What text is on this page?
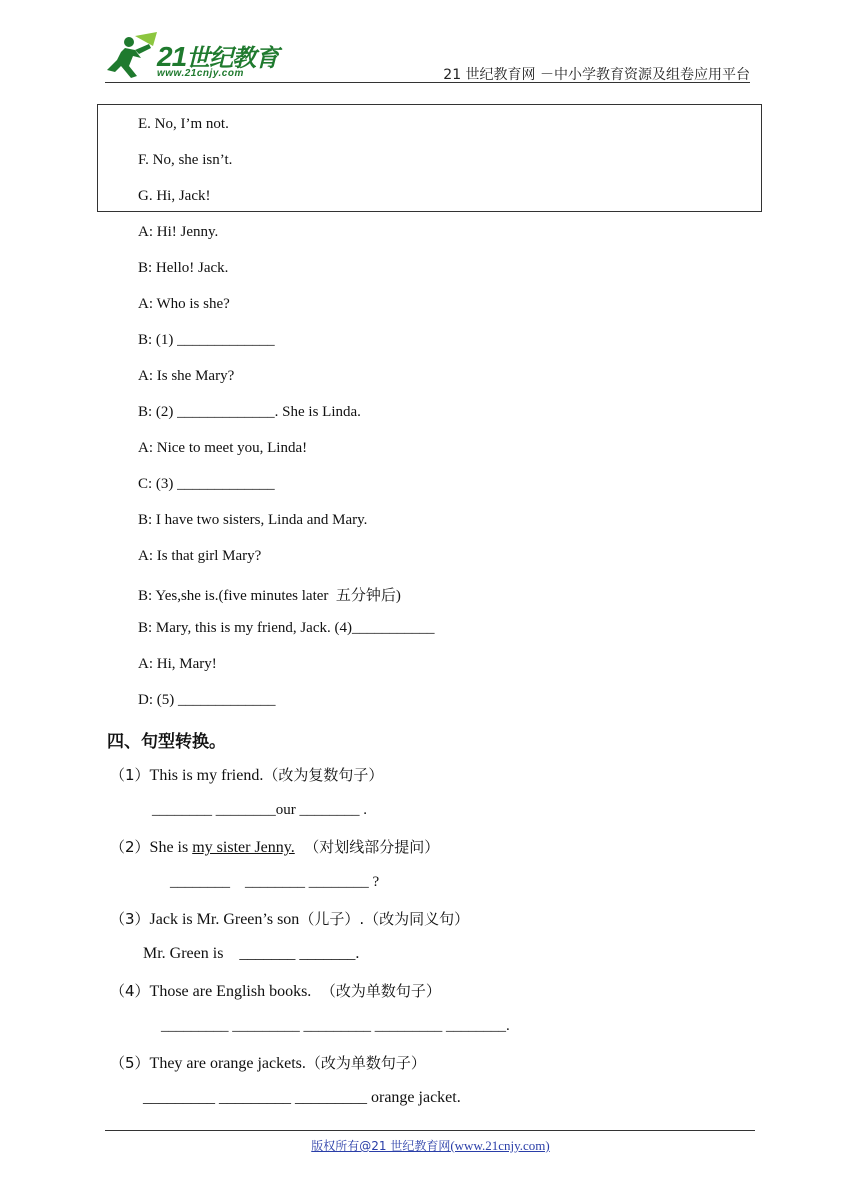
21世纪教育
www.21cnjy.com	21 世纪教育网 －中小学教育资源及组卷应用平台
E. No, I’m not.
F. No, she isn’t.
G. Hi, Jack!
A: Hi! Jenny.
B: Hello! Jack.
A: Who is she?
B: (1) _____________
A: Is she Mary?
B: (2) _____________. She is Linda.
A: Nice to meet you, Linda!
C: (3) _____________
B: I have two sisters, Linda and Mary.
A: Is that girl Mary?
B: Yes,she is.(five minutes later  五分钟后)
B: Mary, this is my friend, Jack. (4)___________
A: Hi, Mary!
D: (5) _____________
四、句型转换。
（1）This is my friend.（改为复数句子）
________ ________our ________ .
（2）She is my sister Jenny.  （对划线部分提问）
________    ________ ________ ?
（3）Jack is Mr. Green’s son（儿子）.（改为同义句）
Mr. Green is    _______ _______.
（4）Those are English books.  （改为单数句子）
_________ _________ _________ _________ ________.
（5）They are orange jackets.（改为单数句子）
_________ _________ _________ orange jacket.
版权所有@21 世纪教育网(www.21cnjy.com)
